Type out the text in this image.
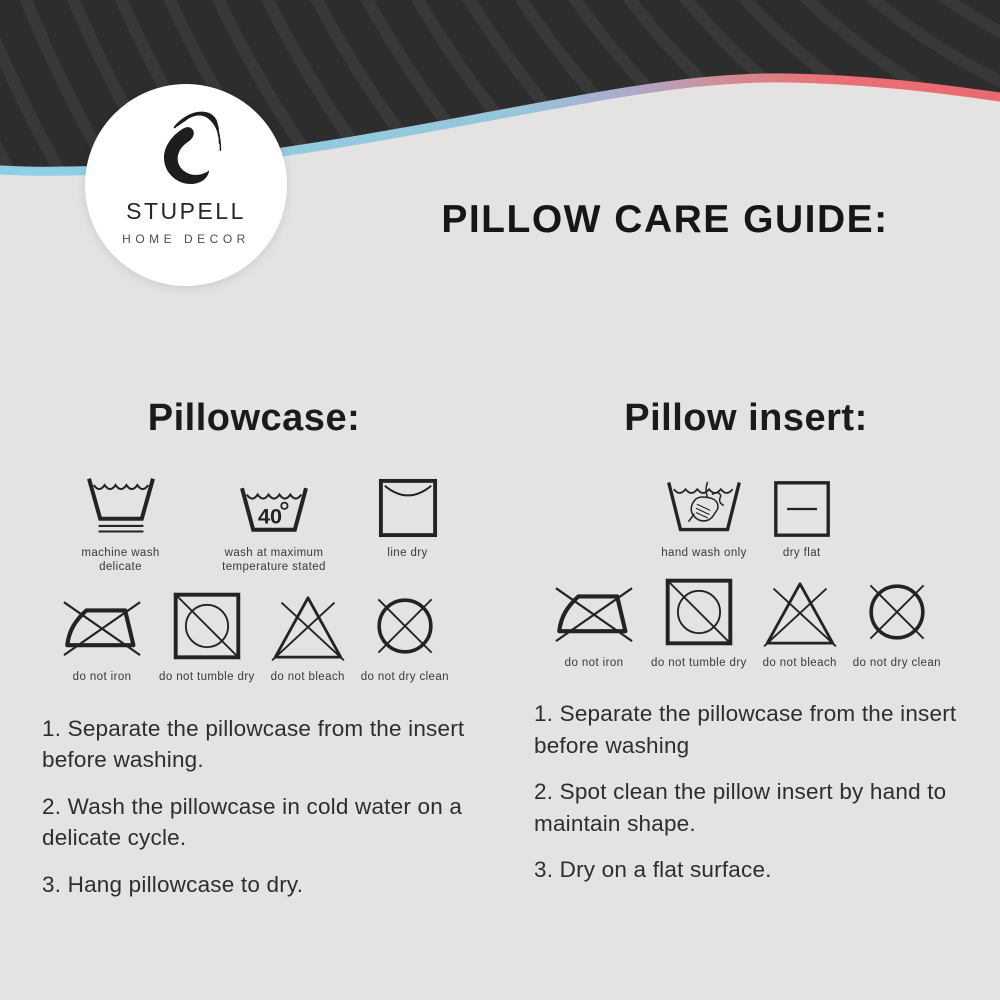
STUPELL
HOME DECOR	PILLOW CARE GUIDE:
Pillowcase:
machine wash delicate
40
wash at maximum temperature stated
line dry
do not iron do not tumble dry do not bleach do not dry clean

1. Separate the pillowcase from the insert before washing.

2. Wash the pillowcase in cold water on a delicate cycle.

3. Hang pillowcase to dry.

Pillow insert:
hand wash only	dry flat
do not iron do not tumble dry do not bleach do not dry clean

1. Separate the pillowcase from the insert before washing

2. Spot clean the pillow insert by hand to maintain shape.

3. Dry on a flat surface.
